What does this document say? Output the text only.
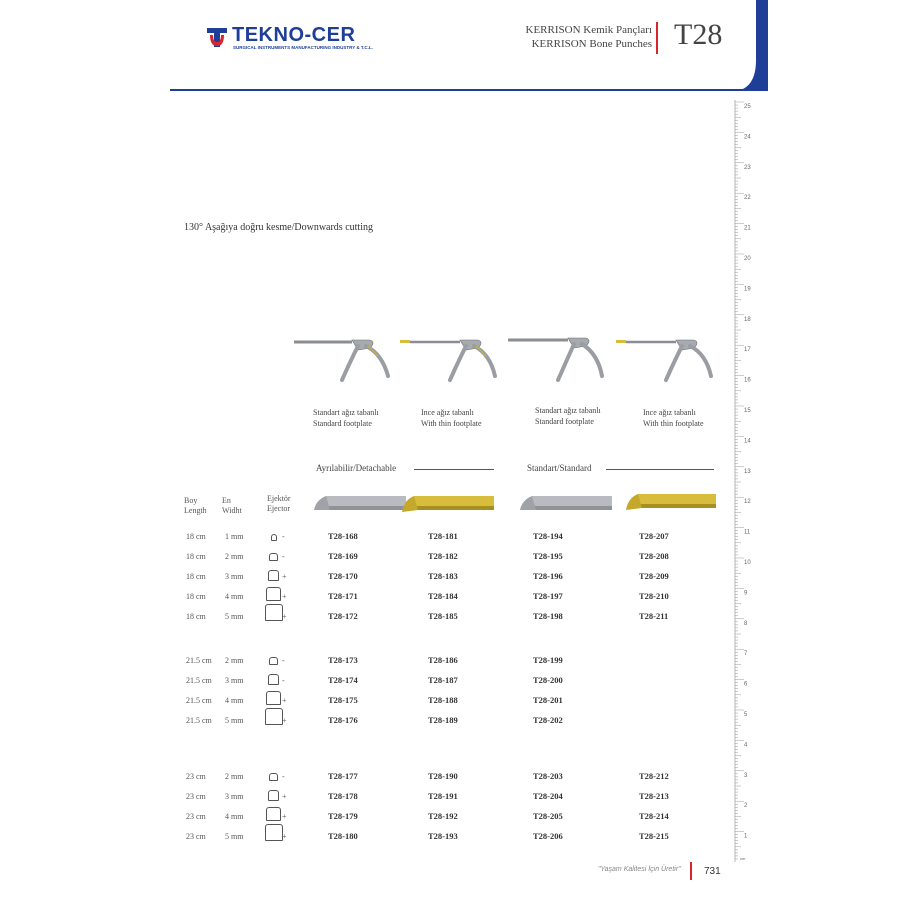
TEKNO-CER
SURGICAL INSTRUMENTS MANUFACTURING INDUSTRY & T.C.L.
KERRISON Kemik Pançları
KERRISON Bone Punches T28
25
24
23
22
21
20
19
18
17
16
15
14
13
12
11
10
9
8
7
6
5
4
3
2
1
cm
130° Aşağıya doğru kesme/Downwards cutting
Standart ağız tabanlı
Standard footplate
Ince ağız tabanlı
With thin footplate
Standart ağız tabanlı
Standard footplate
Ince ağız tabanlı
With thin footplate
Ayrılabilir/Detachable	Standart/Standard
Boy
Length
En
Widht
Ejektör
Ejector
18 cm 1 mm	-	T28-168	T28-181	T28-194	T28-207
18 cm 2 mm	-	T28-169	T28-182	T28-195	T28-208
18 cm 3 mm	+	T28-170	T28-183	T28-196	T28-209
18 cm 4 mm	+	T28-171	T28-184	T28-197	T28-210
18 cm 5 mm	+	T28-172	T28-185	T28-198	T28-211
21.5 cm 2 mm	-	T28-173	T28-186	T28-199
21.5 cm 3 mm	-	T28-174	T28-187	T28-200
21.5 cm 4 mm	+	T28-175	T28-188	T28-201
21.5 cm 5 mm	+	T28-176	T28-189	T28-202
23 cm 2 mm	-	T28-177	T28-190	T28-203	T28-212
23 cm 3 mm	+	T28-178	T28-191	T28-204	T28-213
23 cm 4 mm	+	T28-179	T28-192	T28-205	T28-214
23 cm 5 mm	+	T28-180	T28-193	T28-206	T28-215
"Yaşam Kalitesi İçin Üretir" 731
